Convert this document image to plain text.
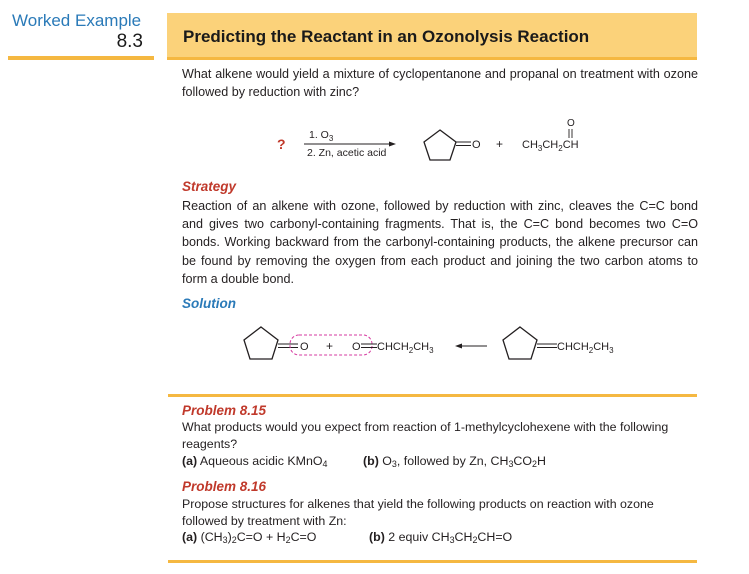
Worked Example
8.3 Predicting the Reactant in an Ozonolysis Reaction
What alkene would yield a mixture of cyclopentanone and propanal on treatment with ozone followed by reduction with zinc?
?
1. $O_3$
2. Zn, acetic acid
O +
O
$CH_3CH_2CH$
Strategy
Reaction of an alkene with ozone, followed by reduction with zinc, cleaves the C=C bond and gives two carbonyl-containing fragments. That is, the C=C bond becomes two C=O bonds. Working backward from the carbonyl-containing products, the alkene precursor can be found by removing the oxygen from each product and joining the two carbon atoms to form a double bond.
Solution
O + O $CHCH_2CH_3$	$CHCH_2CH_3$
Problem 8.15
What products would you expect from reaction of 1-methylcyclohexene with the following reagents?
(a) Aqueous acidic KMnO$_4$	(b) $O_3$, followed by Zn, $CH_3CO_2H$
Problem 8.16
Propose structures for alkenes that yield the following products on reaction with ozone followed by treatment with Zn:
(a) $(CH_3)_2C=O + H_2C=O$	(b) 2 equiv $CH_3CH_2CH=O$
